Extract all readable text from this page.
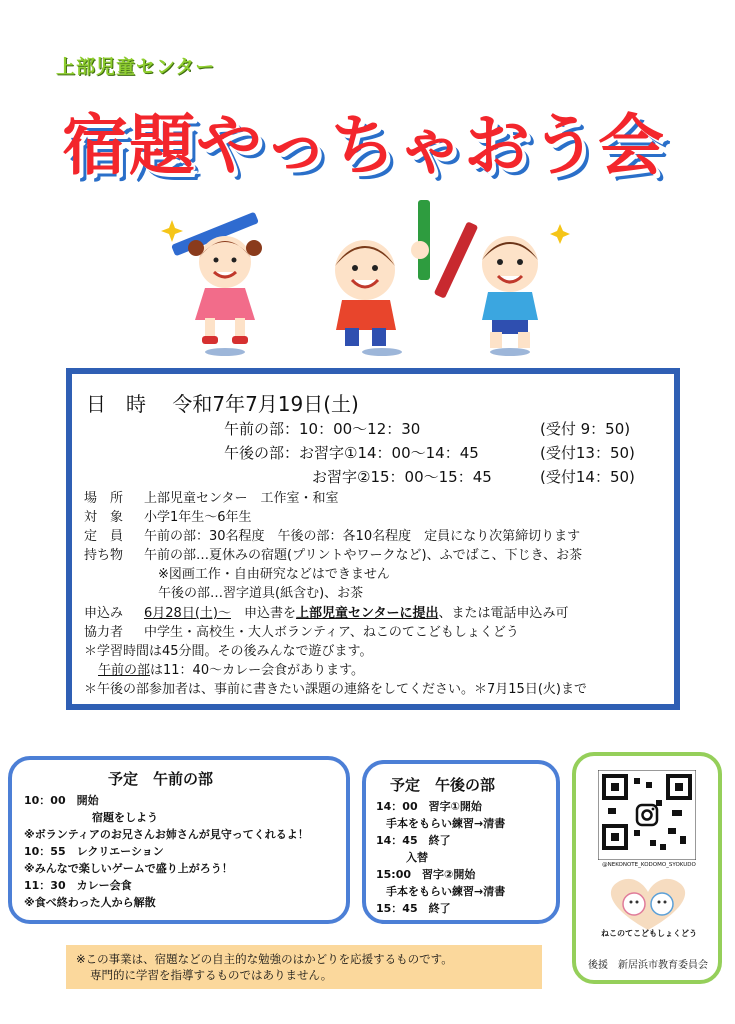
上部児童センター
宿題やっちゃおう会
日　時 令和7年7月19日(土)
午前の部：10：00～12：30	(受付 9：50)
午後の部：お習字①14：00～14：45	(受付13：50)
お習字②15：00～15：45	(受付14：50)
場　所 上部児童センター　工作室・和室
対　象 小学1年生～6年生
定　員 午前の部：30名程度　午後の部：各10名程度　定員になり次第締切ります
持ち物 午前の部…夏休みの宿題(プリントやワークなど)、ふでばこ、下じき、お茶
※図画工作・自由研究などはできません
午後の部…習字道具(紙含む)、お茶
申込み 6月28日(土)～　申込書を上部児童センターに提出、または電話申込み可
協力者 中学生・高校生・大人ボランティア、ねこのてこどもしょくどう
＊学習時間は45分間。その後みんなで遊びます。
午前の部は11：40～カレー会食があります。
＊午後の部参加者は、事前に書きたい課題の連絡をしてください。＊7月15日(火)まで
予定　午前の部
10：00　開始
宿題をしよう
※ボランティアのお兄さんお姉さんが見守ってくれるよ！
10：55　レクリエーション
※みんなで楽しいゲームで盛り上がろう！
11：30　カレー会食
※食べ終わった人から解散
予定　午後の部
14：00　習字①開始
手本をもらい練習→清書
14：45　終了
入替
15:00　習字②開始
手本をもらい練習→清書
15：45　終了
@NEKONOTE_KODOMO_SYOKUDO
ねこのてこどもしょくどう
後援　新居浜市教育委員会
※この事業は、宿題などの自主的な勉強のはかどりを応援するものです。
専門的に学習を指導するものではありません。
